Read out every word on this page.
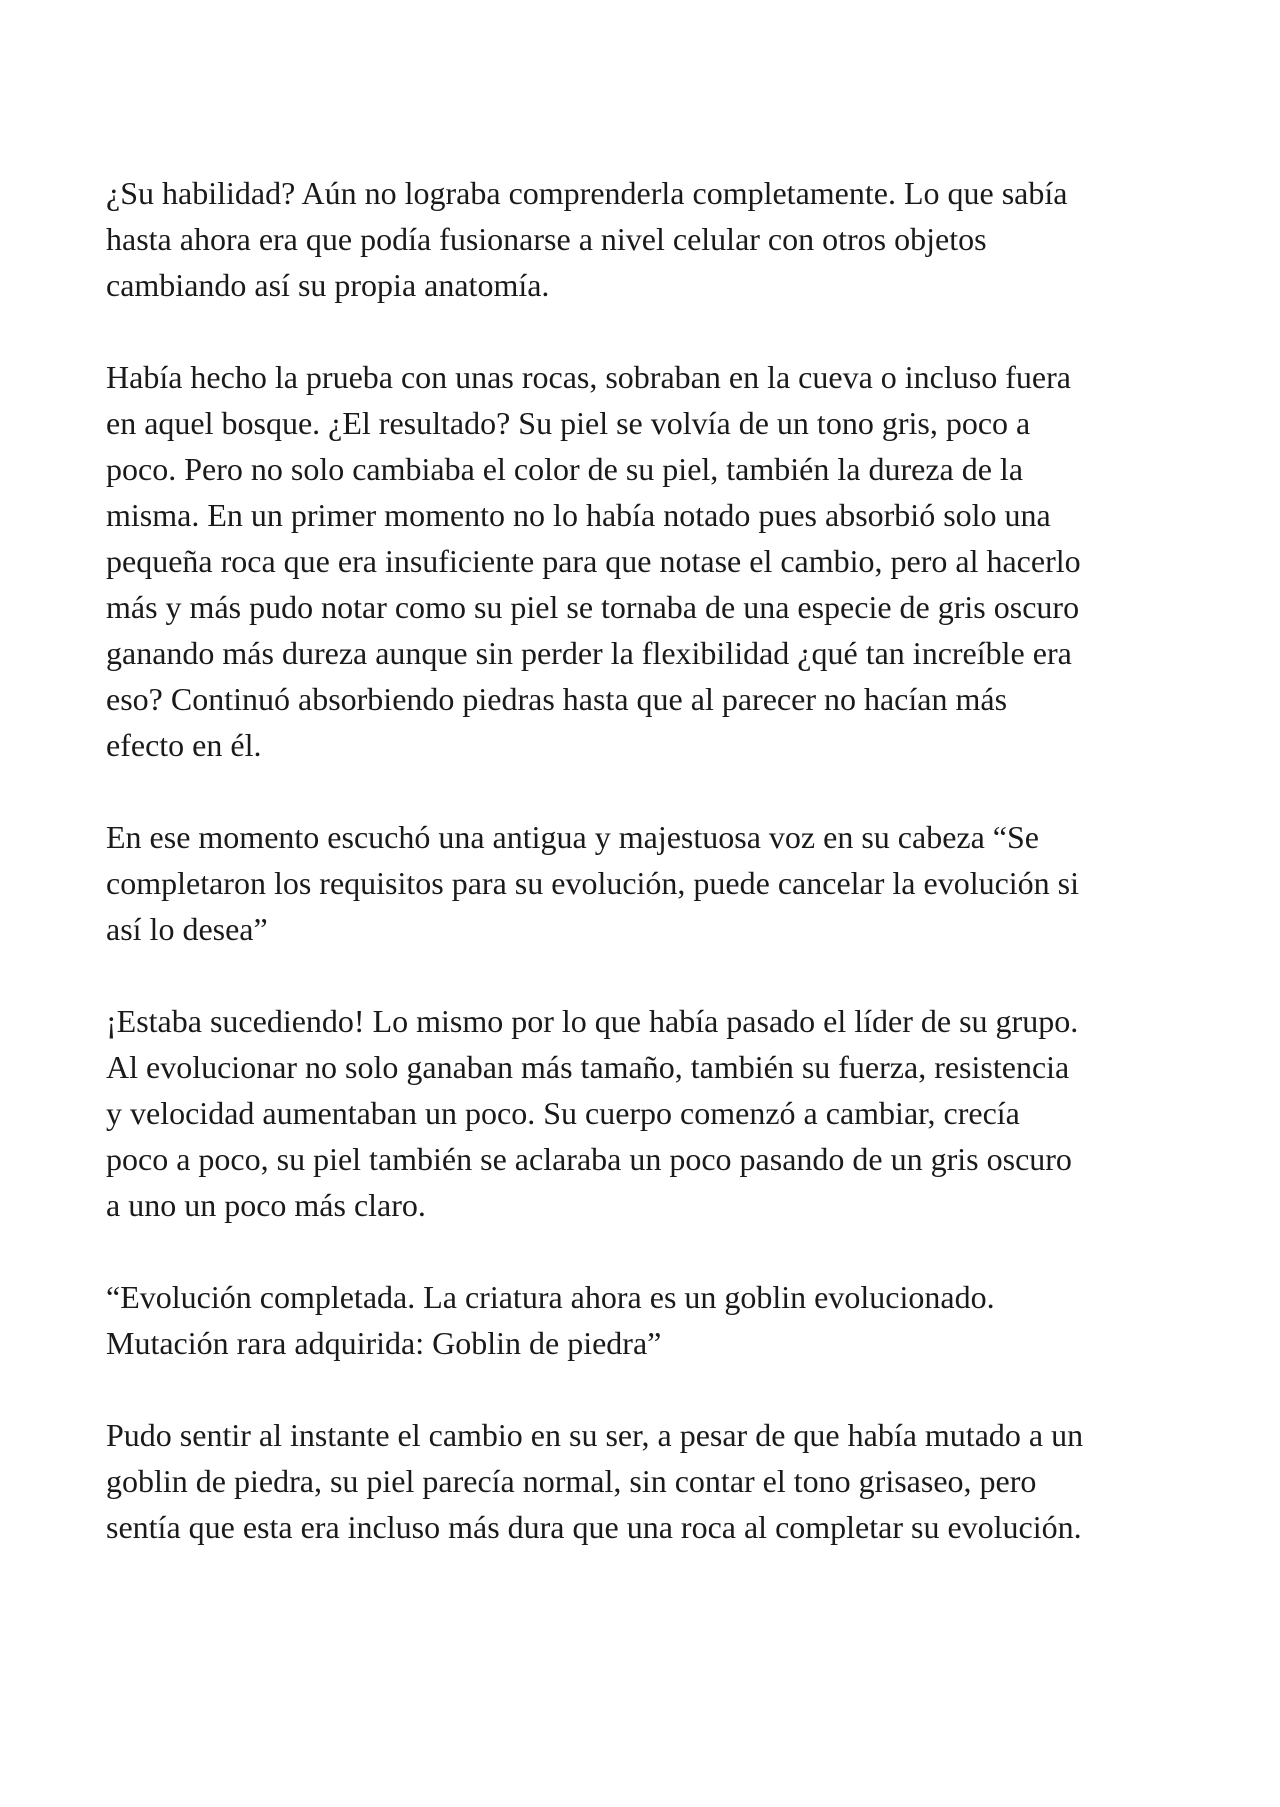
¿Su habilidad? Aún no lograba comprenderla completamente. Lo que sabía
hasta ahora era que podía fusionarse a nivel celular con otros objetos
cambiando así su propia anatomía.

Había hecho la prueba con unas rocas, sobraban en la cueva o incluso fuera
en aquel bosque. ¿El resultado? Su piel se volvía de un tono gris, poco a
poco. Pero no solo cambiaba el color de su piel, también la dureza de la
misma. En un primer momento no lo había notado pues absorbió solo una
pequeña roca que era insuficiente para que notase el cambio, pero al hacerlo
más y más pudo notar como su piel se tornaba de una especie de gris oscuro
ganando más dureza aunque sin perder la flexibilidad ¿qué tan increíble era
eso? Continuó absorbiendo piedras hasta que al parecer no hacían más
efecto en él.

En ese momento escuchó una antigua y majestuosa voz en su cabeza “Se
completaron los requisitos para su evolución, puede cancelar la evolución si
así lo desea”

¡Estaba sucediendo! Lo mismo por lo que había pasado el líder de su grupo.
Al evolucionar no solo ganaban más tamaño, también su fuerza, resistencia
y velocidad aumentaban un poco. Su cuerpo comenzó a cambiar, crecía
poco a poco, su piel también se aclaraba un poco pasando de un gris oscuro
a uno un poco más claro.

“Evolución completada. La criatura ahora es un goblin evolucionado.
Mutación rara adquirida: Goblin de piedra”

Pudo sentir al instante el cambio en su ser, a pesar de que había mutado a un
goblin de piedra, su piel parecía normal, sin contar el tono grisaseo, pero
sentía que esta era incluso más dura que una roca al completar su evolución.
